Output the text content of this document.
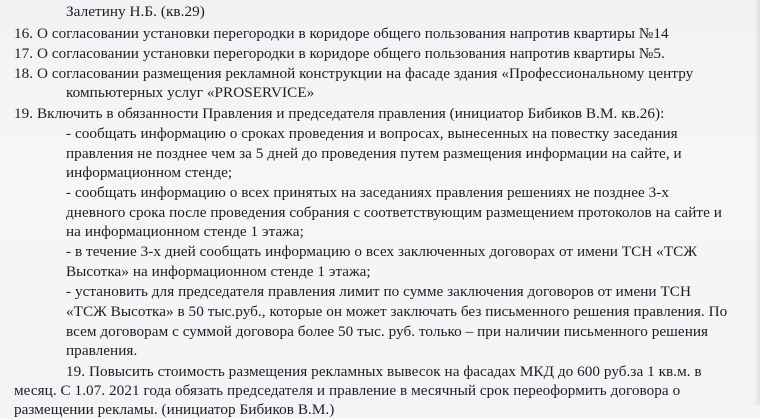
Залетину Н.Б. (кв.29)
16. О согласовании установки перегородки в коридоре общего пользования напротив квартиры №14
17. О согласовании установки перегородки в коридоре общего пользования напротив квартиры №5.
18. О согласовании размещения рекламной конструкции на фасаде здания «Профессиональному центру
компьютерных услуг «PROSERVICE»
19. Включить в обязанности Правления и председателя правления (инициатор Бибиков В.М. кв.26):
- сообщать информацию о сроках проведения и вопросах, вынесенных на повестку заседания
правления не позднее чем за 5 дней до проведения путем размещения информации на сайте, и
информационном стенде;
- сообщать информацию о всех принятых на заседаниях правления решениях не позднее 3-х
дневного срока после проведения собрания с соответствующим размещением протоколов на сайте и
на информационном стенде 1 этажа;
- в течение 3-х дней сообщать информацию о всех заключенных договорах от имени ТСН «ТСЖ
Высотка» на информационном стенде 1 этажа;
- установить для председателя правления лимит по сумме заключения договоров от имени ТСН
«ТСЖ Высотка» в 50 тыс.руб., которые он может заключать без письменного решения правления. По
всем договорам с суммой договора более 50 тыс. руб. только – при наличии письменного решения
правления.
19. Повысить стоимость размещения рекламных вывесок на фасадах МКД до 600 руб.за 1 кв.м. в
месяц. С 1.07. 2021 года обязать председателя и правление в месячный срок переоформить договора о
размещении рекламы. (инициатор Бибиков В.М.)
